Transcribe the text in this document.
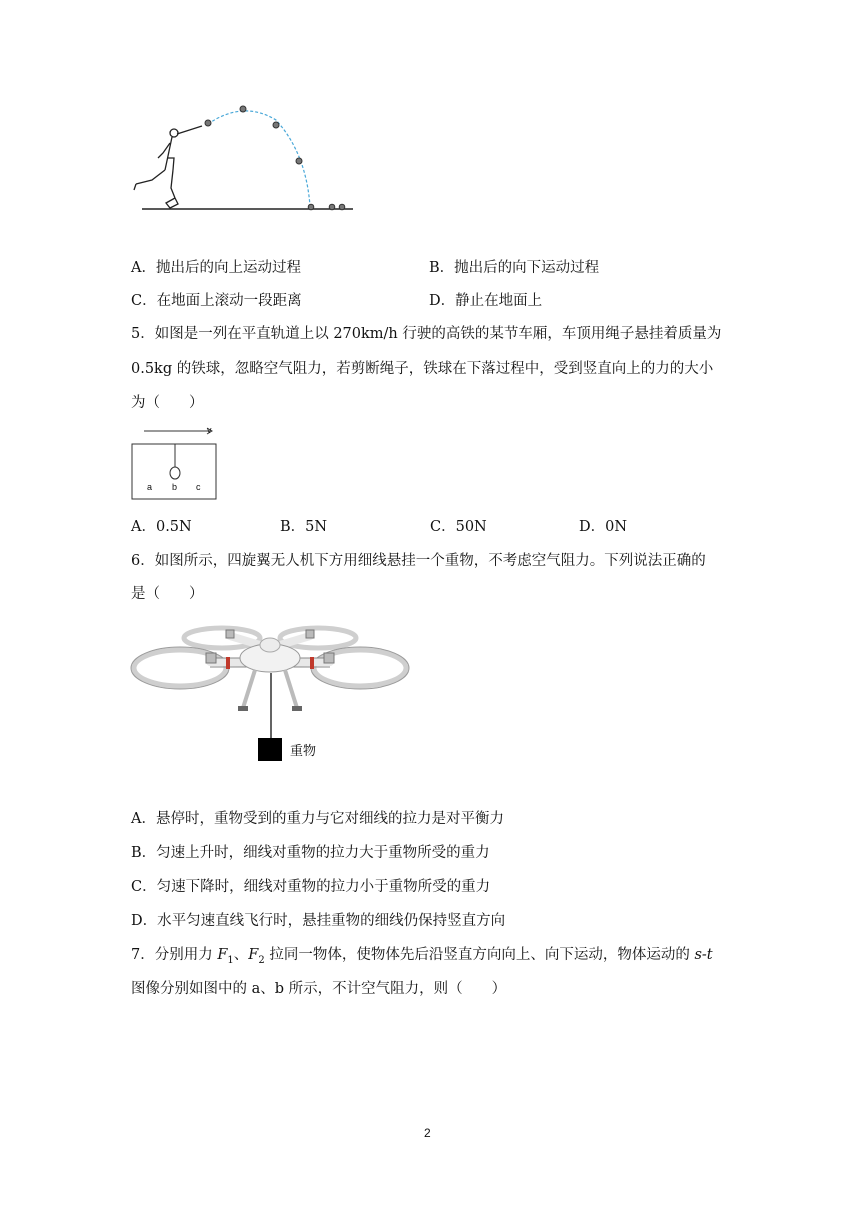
A．抛出后的向上运动过程	B．抛出后的向下运动过程
C．在地面上滚动一段距离	D．静止在地面上
5．如图是一列在平直轨道上以 270km/h 行驶的高铁的某节车厢，车顶用绳子悬挂着质量为
0.5kg 的铁球，忽略空气阻力，若剪断绳子，铁球在下落过程中，受到竖直向上的力的大小
为（　　）
v
a b c
A．0.5N	B．5N	C．50N	D．0N
6．如图所示，四旋翼无人机下方用细线悬挂一个重物，不考虑空气阻力。下列说法正确的
是（　　）
重物
A．悬停时，重物受到的重力与它对细线的拉力是对平衡力
B．匀速上升时，细线对重物的拉力大于重物所受的重力
C．匀速下降时，细线对重物的拉力小于重物所受的重力
D．水平匀速直线飞行时，悬挂重物的细线仍保持竖直方向
7．分别用力 $F_1$、$F_2$ 拉同一物体，使物体先后沿竖直方向向上、向下运动，物体运动的 s-t
图像分别如图中的 a、b 所示，不计空气阻力，则（　　）
2
